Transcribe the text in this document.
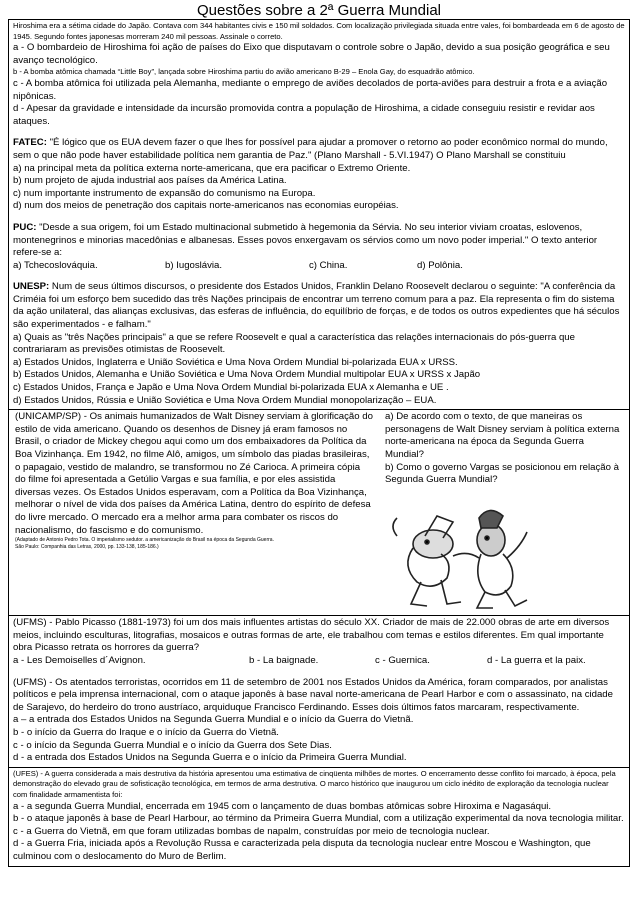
Questões sobre a 2ª Guerra Mundial

Hiroshima era a sétima cidade do Japão. Contava com 344 habitantes civis e 150 mil soldados. Com localização privilegiada situada entre vales, foi bombardeada em 6 de agosto de 1945. Segundo fontes japonesas morreram 240 mil pessoas. Assinale o correto.

a - O bombardeio de Hiroshima foi ação de países do Eixo que disputavam o controle sobre o Japão, devido a sua posição geográfica e seu avanço tecnológico.

b - A bomba atômica chamada “Little Boy”, lançada sobre Hiroshima partiu do avião americano B-29 – Enola Gay, do esquadrão atômico.

c - A bomba atômica foi utilizada pela Alemanha, mediante o emprego de aviões decolados de porta-aviões para destruir a frota e a aviação nipônicas.

d - Apesar da gravidade e intensidade da incursão promovida contra a população de Hiroshima, a cidade conseguiu resistir e revidar aos ataques.

FATEC: "É lógico que os EUA devem fazer o que lhes for possível para ajudar a promover o retorno ao poder econômico normal do mundo, sem o que não pode haver estabilidade política nem garantia de Paz." (Plano Marshall - 5.VI.1947) O Plano Marshall se constituiu

a) na principal meta da política externa norte-americana, que era pacificar o Extremo Oriente.

b) num projeto de ajuda industrial aos países da América Latina.

c) num importante instrumento de expansão do comunismo na Europa.

d) num dos meios de penetração dos capitais norte-americanos nas economias européias.

PUC: "Desde a sua origem, foi um Estado multinacional submetido à hegemonia da Sérvia. No seu interior viviam croatas, eslovenos, montenegrinos e minorias macedônias e albanesas. Esses povos enxergavam os sérvios como um novo poder imperial." O texto anterior refere-se a:

a) Tchecoslováquia.	b) Iugoslávia.	c) China.	d) Polônia.

UNESP: Num de seus últimos discursos, o presidente dos Estados Unidos, Franklin Delano Roosevelt declarou o seguinte: "A conferência da Criméia foi um esforço bem sucedido das três Nações principais de encontrar um terreno comum para a paz. Ela representa o fim do sistema da ação unilateral, das alianças exclusivas, das esferas de influência, do equilíbrio de forças, e de todos os outros expedientes que há séculos são experimentados - e falham."

a) Quais as "três Nações principais" a que se refere Roosevelt e qual a característica das relações internacionais do pós-guerra que contrariaram as previsões otimistas de Roosevelt.

a) Estados Unidos, Inglaterra e União Soviética e Uma Nova Ordem Mundial bi-polarizada EUA x URSS.

b) Estados Unidos, Alemanha e União Soviética e Uma Nova Ordem Mundial multipolar EUA x URSS x Japão

c) Estados Unidos, França e Japão e Uma Nova Ordem Mundial bi-polarizada EUA x Alemanha e UE .

d) Estados Unidos, Rússia e União Soviética e Uma Nova Ordem Mundial monopolarização – EUA.

(UNICAMP/SP) - Os animais humanizados de Walt Disney serviam à glorificação do estilo de vida americano. Quando os desenhos de Disney já eram famosos no Brasil, o criador de Mickey chegou aqui como um dos embaixadores da Política da Boa Vizinhança. Em 1942, no filme Alô, amigos, um símbolo das piadas brasileiras, o papagaio, vestido de malandro, se transformou no Zé Carioca. A primeira cópia do filme foi apresentada a Getúlio Vargas e sua família, e por eles assistida diversas vezes. Os Estados Unidos esperavam, com a Política da Boa Vizinhança, melhorar o nível de vida dos países da América Latina, dentro do espírito de defesa do livre mercado. O mercado era a melhor arma para combater os riscos do nacionalismo, do fascismo e do comunismo.

(Adaptado de Antonio Pedro Tota. O imperialismo sedutor. a americanização do Brasil na época da Segunda Guerra.

São Paulo: Companhia das Letras, 2000, pp. 133-138, 185-186.)

a) De acordo com o texto, de que maneiras os personagens de Walt Disney serviam à política externa norte-americana na época da Segunda Guerra Mundial?

b) Como o governo Vargas se posicionou em relação à Segunda Guerra Mundial?

(UFMS) - Pablo Picasso (1881-1973) foi um dos mais influentes artistas do século XX. Criador de mais de 22.000 obras de arte em diversos meios, incluindo esculturas, litografias, mosaicos e outras formas de arte, ele trabalhou com temas e estilos diferentes. Em qual importante obra Picasso retrata os horrores da guerra?

a - Les Demoiselles d´Avignon.	b - La baignade.	c - Guernica.	d - La guerra et la paix.

(UFMS) - Os atentados terroristas, ocorridos em 11 de setembro de 2001 nos Estados Unidos da América, foram comparados, por analistas políticos e pela imprensa internacional, com o ataque japonês à base naval norte-americana de Pearl Harbor e com o assassinato, na cidade de Sarajevo, do herdeiro do trono austríaco, arquiduque Francisco Ferdinando. Esses dois últimos fatos marcaram, respectivamente.

a – a entrada dos Estados Unidos na Segunda Guerra Mundial e o início da Guerra do Vietnã.

b - o início da Guerra do Iraque e o início da Guerra do Vietnã.

c - o início da Segunda Guerra Mundial e o início da Guerra dos Sete Dias.

d - a entrada dos Estados Unidos na Segunda Guerra e o início da Primeira Guerra Mundial.

(UFES) - A guerra considerada a mais destrutiva da história apresentou uma estimativa de cinqüenta milhões de mortes. O encerramento desse conflito foi marcado, à época, pela demonstração do elevado grau de sofisticação tecnológica, em termos de arma destrutiva. O marco histórico que inaugurou um ciclo inédito de exploração da tecnologia nuclear com finalidade armamentista foi:

a - a segunda Guerra Mundial, encerrada em 1945 com o lançamento de duas bombas atômicas sobre Hiroxima e Nagasáqui.

b - o ataque japonês à base de Pearl Harbour, ao término da Primeira Guerra Mundial, com a utilização experimental da nova tecnologia militar.

c - a Guerra do Vietnã, em que foram utilizadas bombas de napalm, construídas por meio de tecnologia nuclear.

d - a Guerra Fria, iniciada após a Revolução Russa e caracterizada pela disputa da tecnologia nuclear entre Moscou e Washington, que culminou com o deslocamento do Muro de Berlim.
